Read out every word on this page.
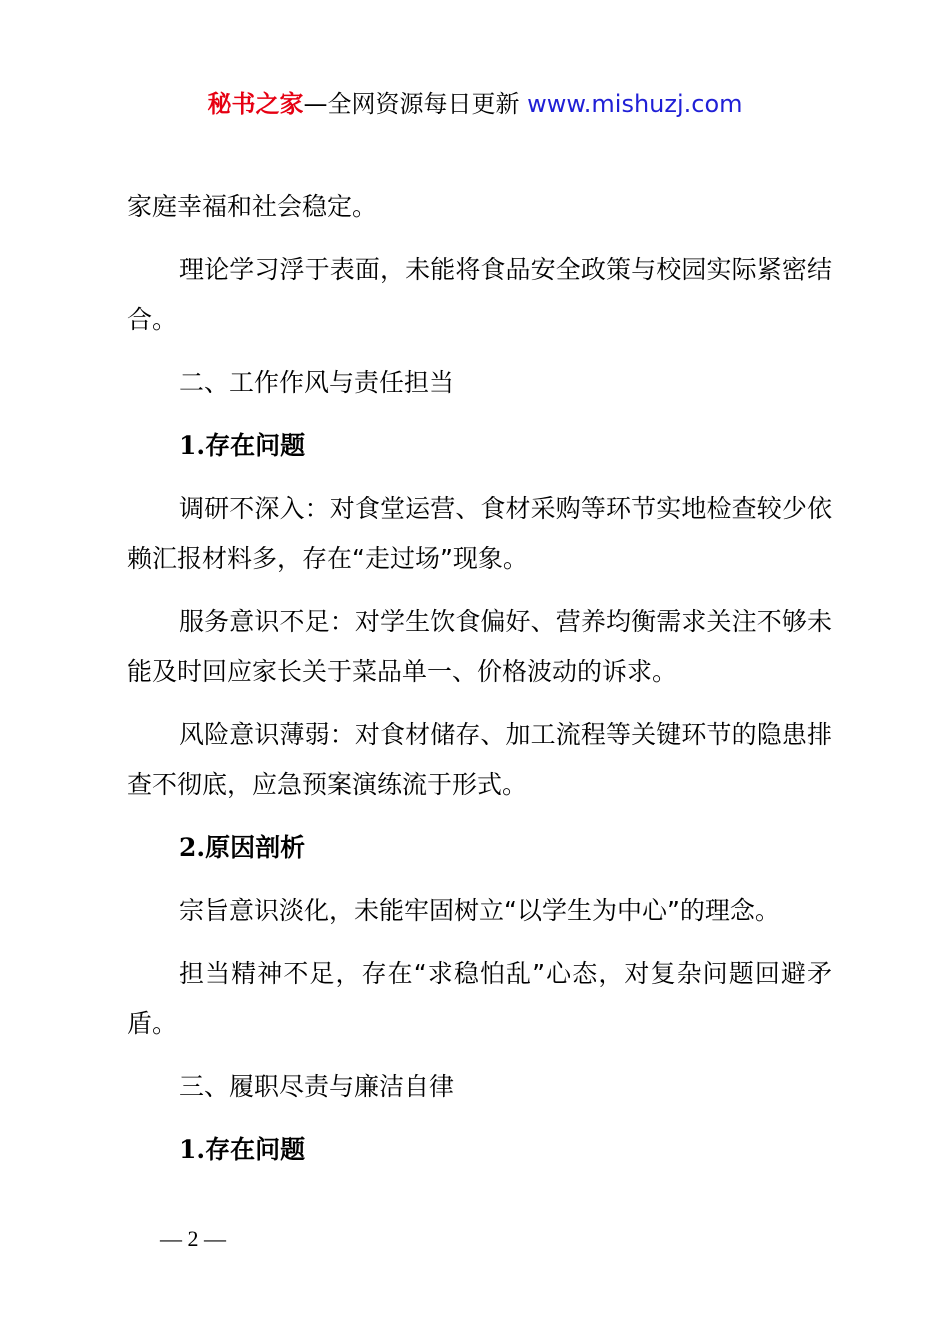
秘书之家—全网资源每日更新 www.mishuzj.com

家庭幸福和社会稳定。

理论学习浮于表面，未能将食品安全政策与校园实际紧密结合。

二、工作作风与责任担当

1.存在问题

调研不深入：对食堂运营、食材采购等环节实地检查较少依赖汇报材料多，存在“走过场”现象。

服务意识不足：对学生饮食偏好、营养均衡需求关注不够未能及时回应家长关于菜品单一、价格波动的诉求。

风险意识薄弱：对食材储存、加工流程等关键环节的隐患排查不彻底，应急预案演练流于形式。

2.原因剖析

宗旨意识淡化，未能牢固树立“以学生为中心”的理念。

担当精神不足，存在“求稳怕乱”心态，对复杂问题回避矛盾。

三、履职尽责与廉洁自律

1.存在问题

— 2 —
